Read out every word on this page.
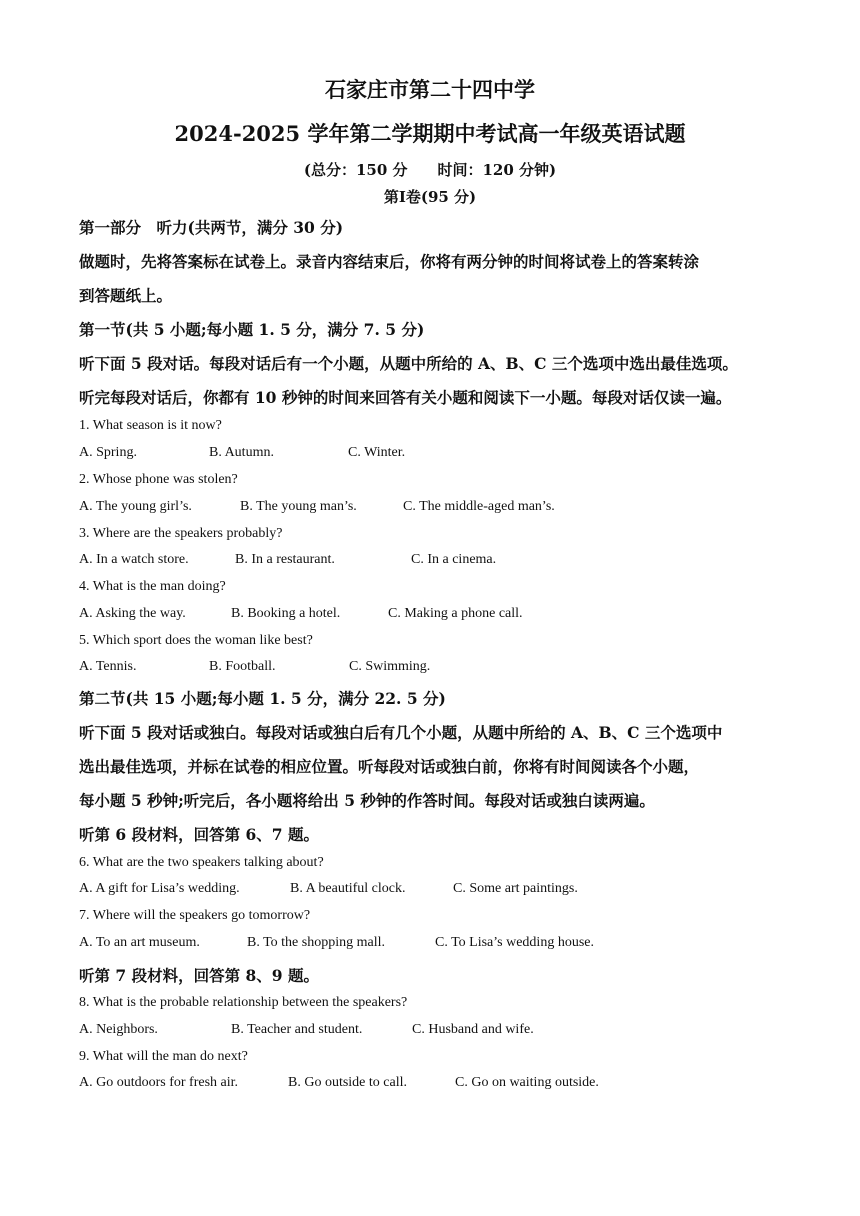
石家庄市第二十四中学
2024-2025 学年第二学期期中考试高一年级英语试题
(总分：150 分　　时间：120 分钟)
第Ⅰ卷(95 分)
第一部分　听力(共两节，满分 30 分)
做题时，先将答案标在试卷上。录音内容结束后，你将有两分钟的时间将试卷上的答案转涂
到答题纸上。
第一节(共 5 小题;每小题 1. 5 分，满分 7. 5 分)
听下面 5 段对话。每段对话后有一个小题，从题中所给的 A、B、C 三个选项中选出最佳选项。
听完每段对话后，你都有 10 秒钟的时间来回答有关小题和阅读下一小题。每段对话仅读一遍。
1. What season is it now?
A. Spring.	B. Autumn.	C. Winter.
2. Whose phone was stolen?
A. The young girl’s.	B. The young man’s.	C. The middle-aged man’s.
3. Where are the speakers probably?
A. In a watch store.	B. In a restaurant.	C. In a cinema.
4. What is the man doing?
A. Asking the way.	B. Booking a hotel.	C. Making a phone call.
5. Which sport does the woman like best?
A. Tennis.	B. Football.	C. Swimming.
第二节(共 15 小题;每小题 1. 5 分，满分 22. 5 分)
听下面 5 段对话或独白。每段对话或独白后有几个小题，从题中所给的 A、B、C 三个选项中
选出最佳选项，并标在试卷的相应位置。听每段对话或独白前，你将有时间阅读各个小题，
每小题 5 秒钟;听完后，各小题将给出 5 秒钟的作答时间。每段对话或独白读两遍。
听第 6 段材料，回答第 6、7 题。
6. What are the two speakers talking about?
A. A gift for Lisa’s wedding.	B. A beautiful clock.	C. Some art paintings.
7. Where will the speakers go tomorrow?
A. To an art museum.	B. To the shopping mall.	C. To Lisa’s wedding house.
听第 7 段材料，回答第 8、9 题。
8. What is the probable relationship between the speakers?
A. Neighbors.	B. Teacher and student.	C. Husband and wife.
9. What will the man do next?
A. Go outdoors for fresh air.	B. Go outside to call.	C. Go on waiting outside.
